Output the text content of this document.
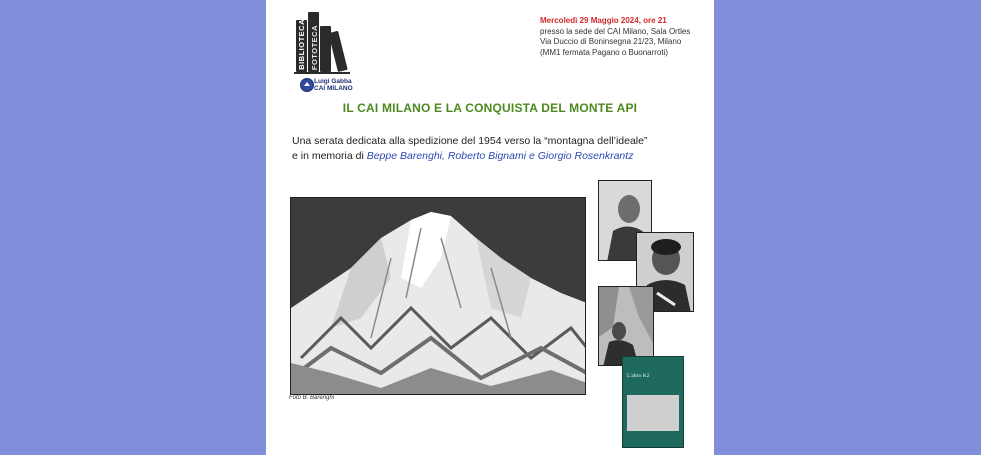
BIBLIOTECA FOTOTECA
Luigi Gabba
CAI MILANO
Mercoledì 29 Maggio 2024, ore 21
presso la sede del CAI Milano, Sala Ortles
Via Duccio di Boninsegna 21/23, Milano
(MM1 fermata Pagano o Buonarroti)
IL CAI MILANO E LA CONQUISTA DEL MONTE API
Una serata dedicata alla spedizione del 1954 verso la “montagna dell’ideale”
e in memoria di Beppe Barenghi, Roberto Bignami e Giorgio Rosenkrantz
Foto B. Barenghi
L'altro K2
